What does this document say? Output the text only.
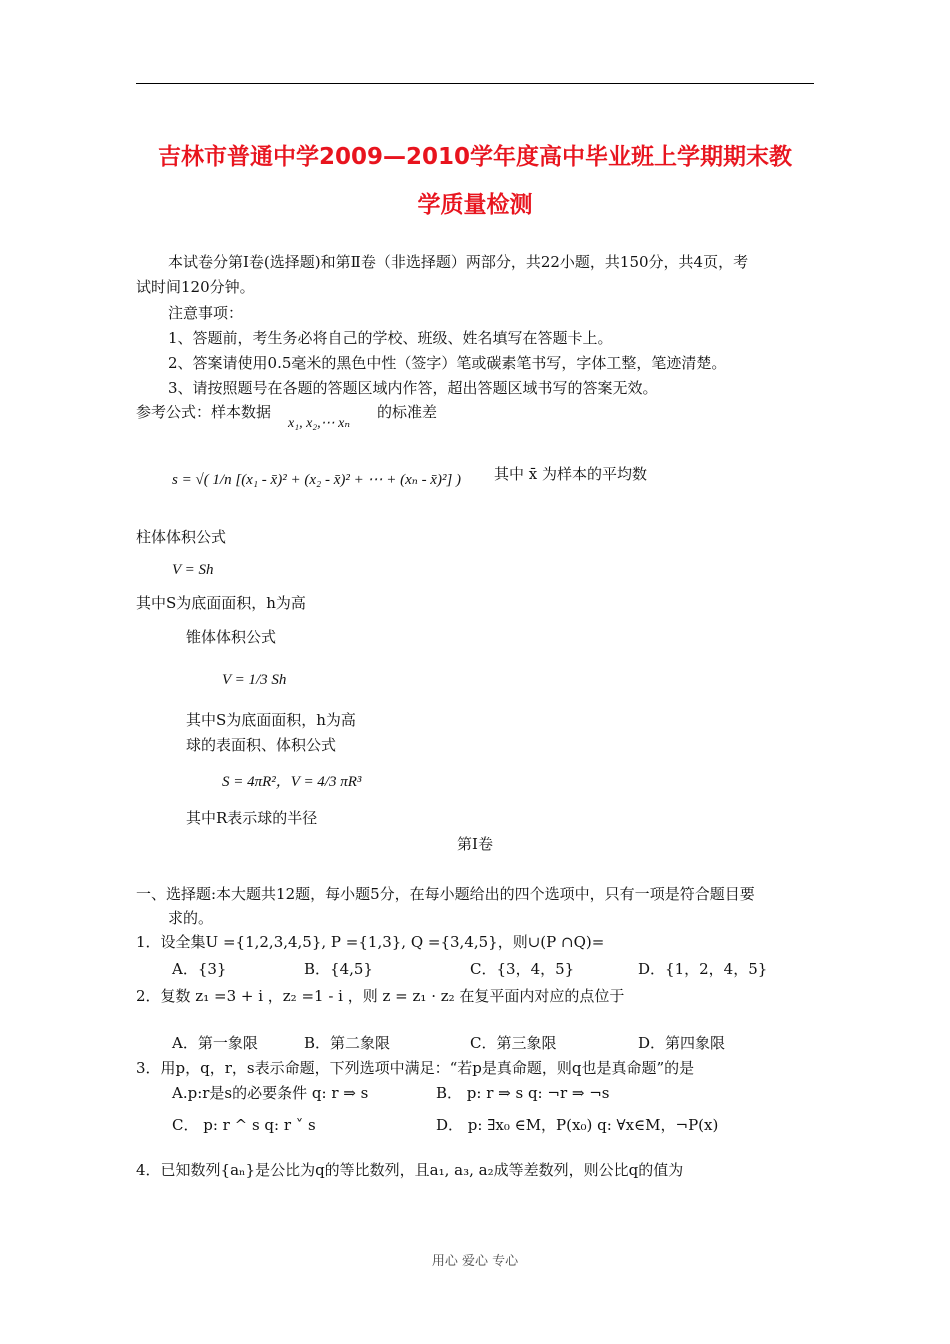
吉林市普通中学2009—2010学年度高中毕业班上学期期末教
学质量检测
本试卷分第Ⅰ卷(选择题)和第Ⅱ卷（非选择题）两部分，共22小题，共150分，共4页，考
试时间120分钟。
注意事项：
1、答题前，考生务必将自己的学校、班级、姓名填写在答题卡上。
2、答案请使用0.5毫米的黑色中性（签字）笔或碳素笔书写，字体工整，笔迹清楚。
3、请按照题号在各题的答题区域内作答，超出答题区域书写的答案无效。
参考公式：样本数据
x₁, x₂,⋯ xₙ
的标准差
s = √( 1/n [(x₁ - x̄)² + (x₂ - x̄)² + ⋯ + (xₙ - x̄)²] ) 其中 x̄ 为样本的平均数
柱体体积公式
V = Sh
其中S为底面面积，h为高
锥体体积公式
V = 1/3 Sh
其中S为底面面积，h为高
球的表面积、体积公式
S = 4πR²，V = 4/3 πR³
其中R表示球的半径
第Ⅰ卷
一、选择题:本大题共12题，每小题5分，在每小题给出的四个选项中，只有一项是符合题目要
求的。
1．设全集U ={1,2,3,4,5}, P ={1,3}, Q ={3,4,5}，则∪(P ∩Q)=
A．{3}	B．{4,5}	C．{3，4，5}	D．{1，2，4，5}
2．复数 z₁ =3 + i ，z₂ =1 - i ，则 z = z₁ · z₂ 在复平面内对应的点位于
A．第一象限	B．第二象限	C．第三象限	D．第四象限
3．用p，q，r，s表示命题，下列选项中满足：“若p是真命题，则q也是真命题”的是
A.p:r是s的必要条件 q: r ⇒ s	B． p: r ⇒ s q: ¬r ⇒ ¬s
C． p: r ^ s q: r ˅ s	D． p: ∃x₀ ∈M，P(x₀) q: ∀x∈M，¬P(x)
4．已知数列{aₙ}是公比为q的等比数列，且a₁, a₃, a₂成等差数列，则公比q的值为
用心 爱心 专心
